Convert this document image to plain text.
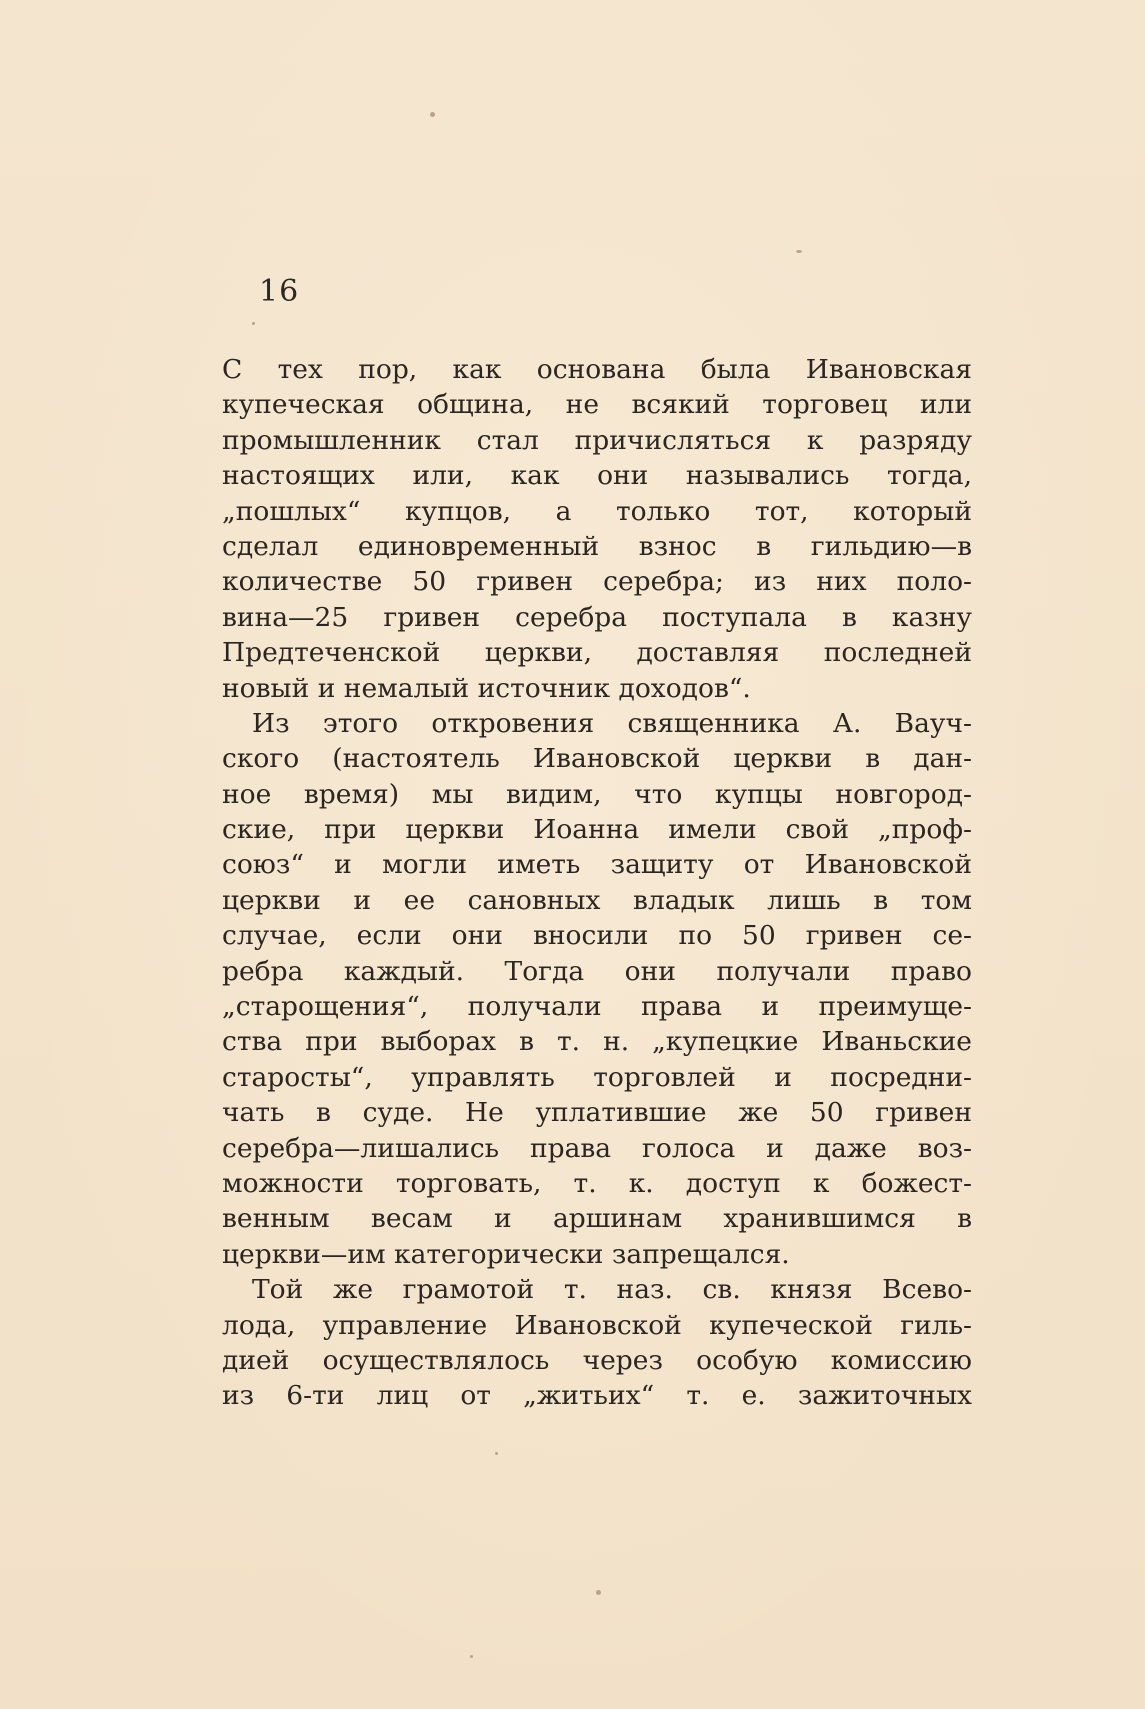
16
С тех пор, как основана была Ивановская
купеческая община, не всякий торговец или
промышленник стал причисляться к разряду
настоящих или, как они назывались тогда,
„пошлых“ купцов, а только тот, который
сделал единовременный взнос в гильдию—в
количестве 50 гривен серебра; из них поло-
вина—25 гривен серебра поступала в казну
Предтеченской церкви, доставляя последней
новый и немалый источник доходов“.
Из этого откровения священника А. Вауч-
ского (настоятель Ивановской церкви в дан-
ное время) мы видим, что купцы новгород-
ские, при церкви Иоанна имели свой „проф-
союз“ и могли иметь защиту от Ивановской
церкви и ее сановных владык лишь в том
случае, если они вносили по 50 гривен се-
ребра каждый. Тогда они получали право
„старощения“, получали права и преимуще-
ства при выборах в т. н. „купецкие Иваньские
старосты“, управлять торговлей и посредни-
чать в суде. Не уплатившие же 50 гривен
серебра—лишались права голоса и даже воз-
можности торговать, т. к. доступ к божест-
венным весам и аршинам хранившимся в
церкви—им категорически запрещался.
Той же грамотой т. наз. св. князя Всево-
лода, управление Ивановской купеческой гиль-
дией осуществлялось через особую комиссию
из 6-ти лиц от „житьих“ т. е. зажиточных
